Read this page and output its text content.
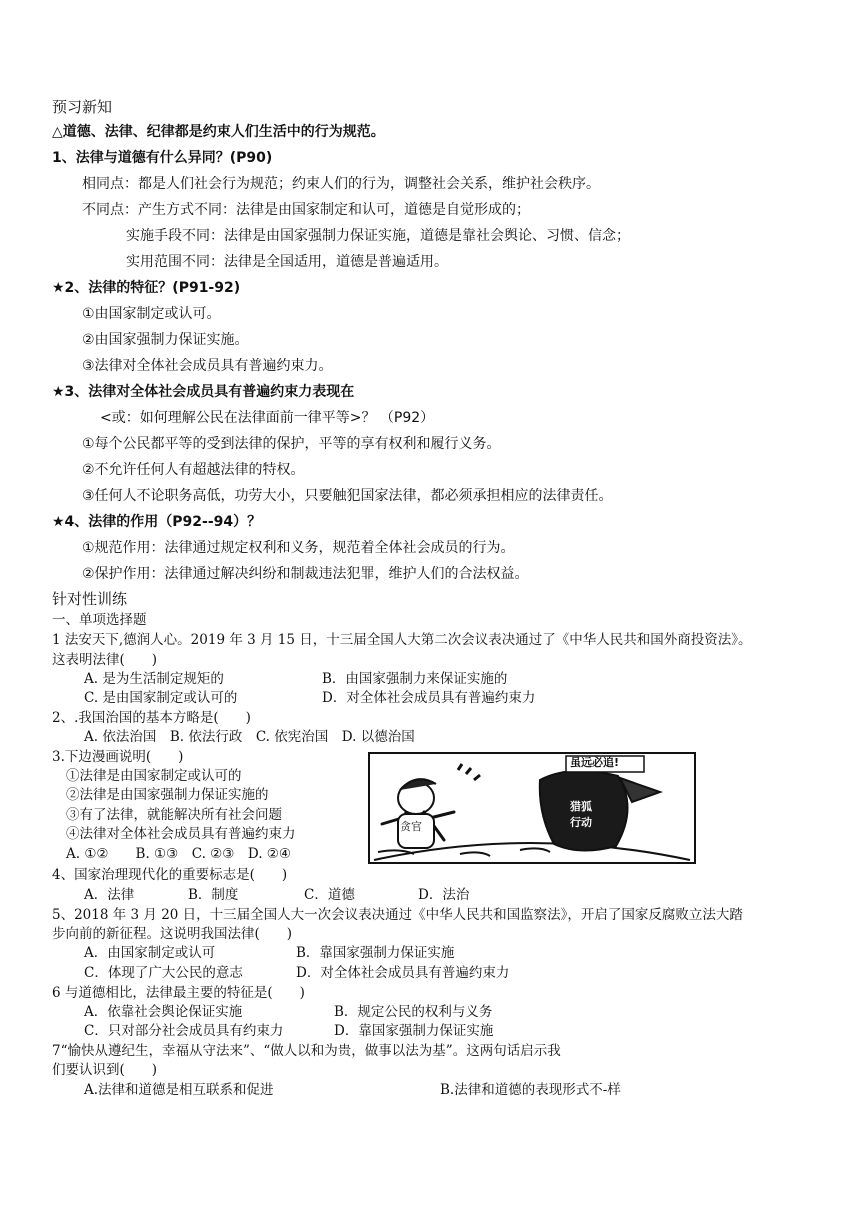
预习新知
△道德、法律、纪律都是约束人们生活中的行为规范。
1、法律与道德有什么异同？(P90)
相同点：都是人们社会行为规范；约束人们的行为，调整社会关系，维护社会秩序。
不同点：产生方式不同：法律是由国家制定和认可，道德是自觉形成的；
实施手段不同：法律是由国家强制力保证实施，道德是靠社会舆论、习惯、信念；
实用范围不同：法律是全国适用，道德是普遍适用。
★2、法律的特征？(P91-92)
①由国家制定或认可。
②由国家强制力保证实施。
③法律对全体社会成员具有普遍约束力。
★3、法律对全体社会成员具有普遍约束力表现在
<或：如何理解公民在法律面前一律平等>？ （P92）
①每个公民都平等的受到法律的保护，平等的享有权利和履行义务。
②不允许任何人有超越法律的特权。
③任何人不论职务高低，功劳大小，只要触犯国家法律，都必须承担相应的法律责任。
★4、法律的作用（P92--94）？
①规范作用：法律通过规定权利和义务，规范着全体社会成员的行为。
②保护作用：法律通过解决纠纷和制裁违法犯罪，维护人们的合法权益。
针对性训练
一、单项选择题
1 法安天下,德润人心。2019 年 3 月 15 日，十三届全国人大第二次会议表决通过了《中华人民共和国外商投资法》。
这表明法律(　　)
A. 是为生活制定规矩的	B．由国家强制力来保证实施的
C. 是由国家制定或认可的	D．对全体社会成员具有普遍约束力
2、.我国治国的基本方略是(　　)
A. 依法治国　B. 依法行政　C. 依宪治国　D. 以德治国
3.下边漫画说明(　　)
①法律是由国家制定或认可的
②法律是由国家强制力保证实施的
③有了法律，就能解决所有社会问题
④法律对全体社会成员具有普遍约束力
A. ①②　　B. ①③　C. ②③　D. ②④
虽远必追!
贪官
猎狐
行动
4、国家治理现代化的重要标志是(　　)
A．法律	B．制度	C．道德	D．法治
5、2018 年 3 月 20 日，十三届全国人大一次会议表决通过《中华人民共和国监察法》，开启了国家反腐败立法大踏
步向前的新征程。这说明我国法律(　　)
A．由国家制定或认可	B．靠国家强制力保证实施
C．体现了广大公民的意志	D．对全体社会成员具有普遍约束力
6 与道德相比，法律最主要的特征是(　　)
A．依靠社会舆论保证实施	B．规定公民的权利与义务
C．只对部分社会成员具有约束力	D．靠国家强制力保证实施
7“愉快从遵纪生，幸福从守法来”、“做人以和为贵，做事以法为基”。这两句话启示我
们要认识到(　　)
A.法律和道德是相互联系和促进	B.法律和道德的表现形式不-样
